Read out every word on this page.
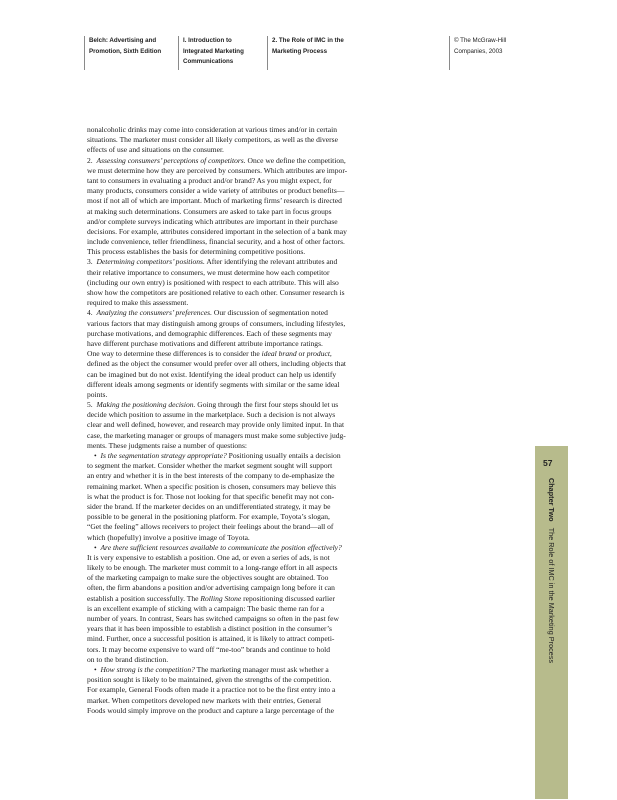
Belch: Advertising and Promotion, Sixth Edition
I. Introduction to Integrated Marketing Communications
2. The Role of IMC in the Marketing Process
© The McGraw-Hill Companies, 2003
nonalcoholic drinks may come into consideration at various times and/or in certain
situations. The marketer must consider all likely competitors, as well as the diverse
effects of use and situations on the consumer.
2. Assessing consumers’ perceptions of competitors. Once we define the competition,
we must determine how they are perceived by consumers. Which attributes are impor-
tant to consumers in evaluating a product and/or brand? As you might expect, for
many products, consumers consider a wide variety of attributes or product benefits—
most if not all of which are important. Much of marketing firms’ research is directed
at making such determinations. Consumers are asked to take part in focus groups
and/or complete surveys indicating which attributes are important in their purchase
decisions. For example, attributes considered important in the selection of a bank may
include convenience, teller friendliness, financial security, and a host of other factors.
This process establishes the basis for determining competitive positions.
3. Determining competitors’ positions. After identifying the relevant attributes and
their relative importance to consumers, we must determine how each competitor
(including our own entry) is positioned with respect to each attribute. This will also
show how the competitors are positioned relative to each other. Consumer research is
required to make this assessment.
4. Analyzing the consumers’ preferences. Our discussion of segmentation noted
various factors that may distinguish among groups of consumers, including lifestyles,
purchase motivations, and demographic differences. Each of these segments may
have different purchase motivations and different attribute importance ratings.
One way to determine these differences is to consider the ideal brand or product,
defined as the object the consumer would prefer over all others, including objects that
can be imagined but do not exist. Identifying the ideal product can help us identify
different ideals among segments or identify segments with similar or the same ideal
points.
5. Making the positioning decision. Going through the first four steps should let us
decide which position to assume in the marketplace. Such a decision is not always
clear and well defined, however, and research may provide only limited input. In that
case, the marketing manager or groups of managers must make some subjective judg-
ments. These judgments raise a number of questions:
• Is the segmentation strategy appropriate? Positioning usually entails a decision
to segment the market. Consider whether the market segment sought will support
an entry and whether it is in the best interests of the company to de-emphasize the
remaining market. When a specific position is chosen, consumers may believe this
is what the product is for. Those not looking for that specific benefit may not con-
sider the brand. If the marketer decides on an undifferentiated strategy, it may be
possible to be general in the positioning platform. For example, Toyota’s slogan,
“Get the feeling” allows receivers to project their feelings about the brand—all of
which (hopefully) involve a positive image of Toyota.
• Are there sufficient resources available to communicate the position effectively?
It is very expensive to establish a position. One ad, or even a series of ads, is not
likely to be enough. The marketer must commit to a long-range effort in all aspects
of the marketing campaign to make sure the objectives sought are obtained. Too
often, the firm abandons a position and/or advertising campaign long before it can
establish a position successfully. The Rolling Stone repositioning discussed earlier
is an excellent example of sticking with a campaign: The basic theme ran for a
number of years. In contrast, Sears has switched campaigns so often in the past few
years that it has been impossible to establish a distinct position in the consumer’s
mind. Further, once a successful position is attained, it is likely to attract competi-
tors. It may become expensive to ward off “me-too” brands and continue to hold
on to the brand distinction.
• How strong is the competition? The marketing manager must ask whether a
position sought is likely to be maintained, given the strengths of the competition.
For example, General Foods often made it a practice not to be the first entry into a
market. When competitors developed new markets with their entries, General
Foods would simply improve on the product and capture a large percentage of the
57
Chapter Two   The Role of IMC in the Marketing Process
